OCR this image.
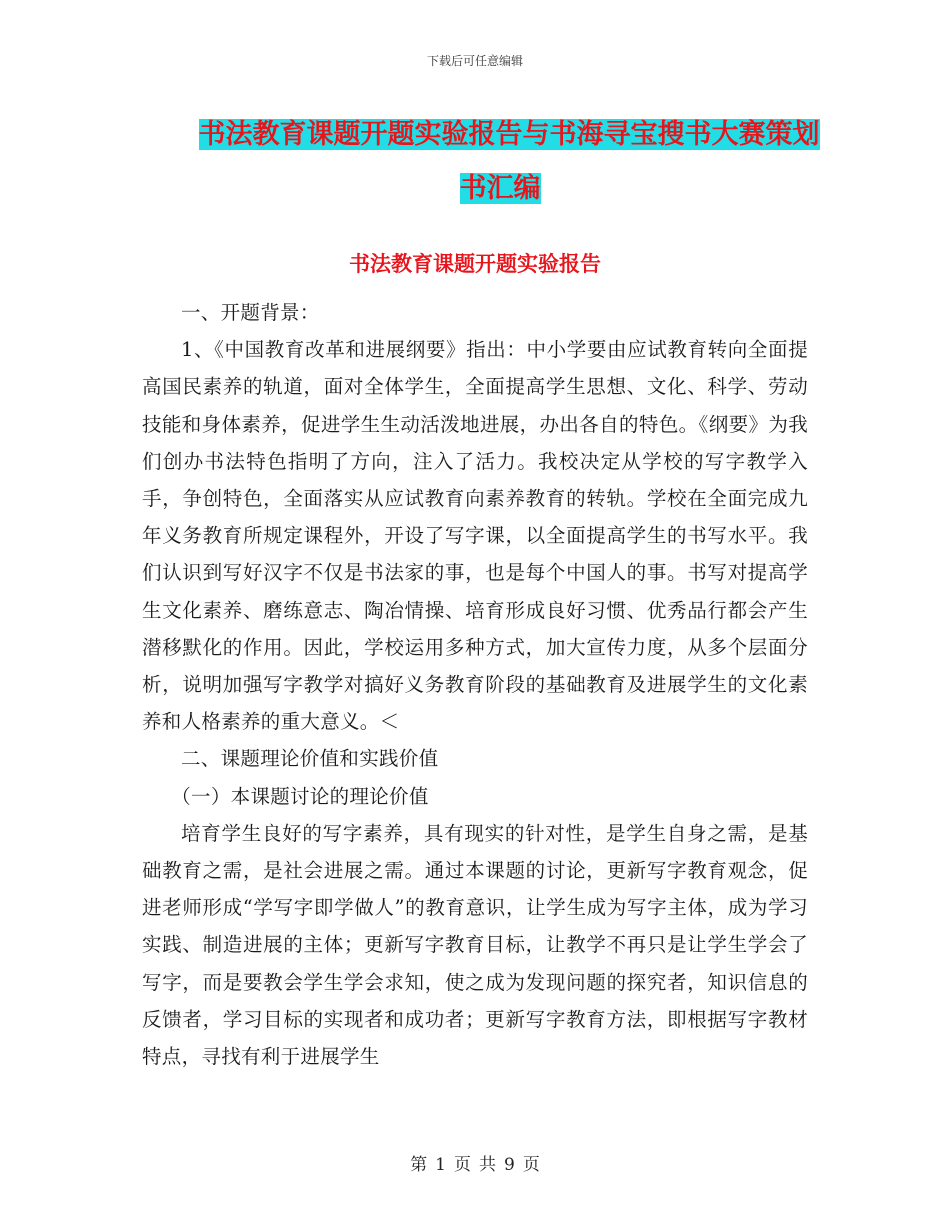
下载后可任意编辑
书法教育课题开题实验报告与书海寻宝搜书大赛策划
书汇编
书法教育课题开题实验报告

一、开题背景：

1、《中国教育改革和进展纲要》指出：中小学要由应试教育转向全面提高国民素养的轨道，面对全体学生，全面提高学生思想、文化、科学、劳动技能和身体素养，促进学生生动活泼地进展，办出各自的特色。《纲要》为我们创办书法特色指明了方向，注入了活力。我校决定从学校的写字教学入手，争创特色，全面落实从应试教育向素养教育的转轨。学校在全面完成九年义务教育所规定课程外，开设了写字课，以全面提高学生的书写水平。我们认识到写好汉字不仅是书法家的事，也是每个中国人的事。书写对提高学生文化素养、磨练意志、陶冶情操、培育形成良好习惯、优秀品行都会产生潜移默化的作用。因此，学校运用多种方式，加大宣传力度，从多个层面分析，说明加强写字教学对搞好义务教育阶段的基础教育及进展学生的文化素养和人格素养的重大意义。＜

二、课题理论价值和实践价值

（一）本课题讨论的理论价值

培育学生良好的写字素养，具有现实的针对性，是学生自身之需，是基础教育之需，是社会进展之需。通过本课题的讨论，更新写字教育观念，促进老师形成“学写字即学做人”的教育意识，让学生成为写字主体，成为学习实践、制造进展的主体；更新写字教育目标，让教学不再只是让学生学会了写字，而是要教会学生学会求知，使之成为发现问题的探究者，知识信息的反馈者，学习目标的实现者和成功者；更新写字教育方法，即根据写字教材特点，寻找有利于进展学生

第 1 页 共 9 页
